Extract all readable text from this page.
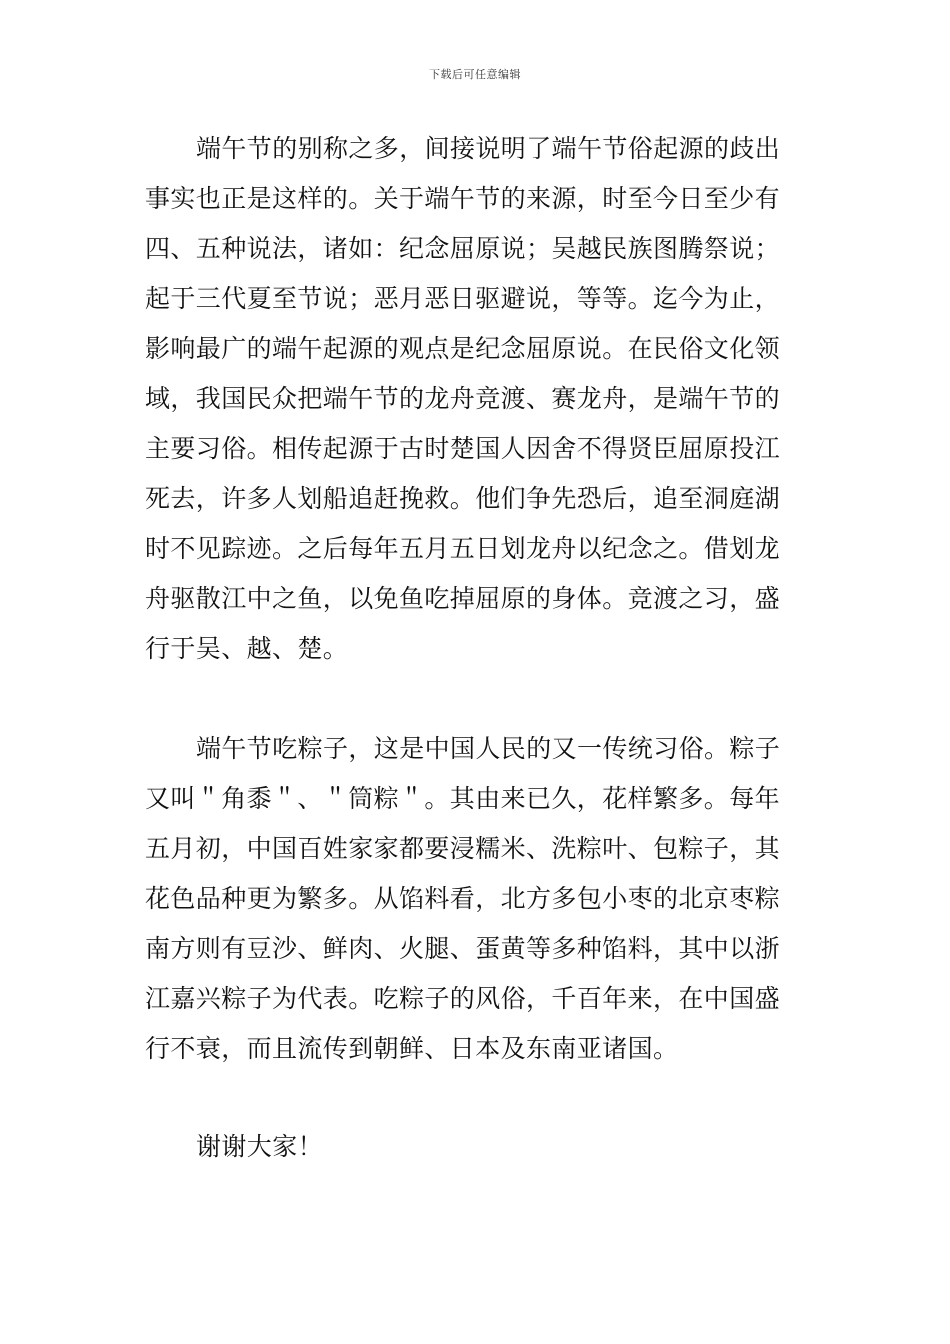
下载后可任意编辑
端午节的别称之多，间接说明了端午节俗起源的歧出
事实也正是这样的。关于端午节的来源，时至今日至少有
四、五种说法，诸如：纪念屈原说；吴越民族图腾祭说；
起于三代夏至节说；恶月恶日驱避说，等等。迄今为止，
影响最广的端午起源的观点是纪念屈原说。在民俗文化领
域，我国民众把端午节的龙舟竞渡、赛龙舟，是端午节的
主要习俗。相传起源于古时楚国人因舍不得贤臣屈原投江
死去，许多人划船追赶挽救。他们争先恐后，追至洞庭湖
时不见踪迹。之后每年五月五日划龙舟以纪念之。借划龙
舟驱散江中之鱼，以免鱼吃掉屈原的身体。竞渡之习，盛
行于吴、越、楚。
端午节吃粽子，这是中国人民的又一传统习俗。粽子
又叫＂角黍＂、＂筒粽＂。其由来已久，花样繁多。每年
五月初，中国百姓家家都要浸糯米、洗粽叶、包粽子，其
花色品种更为繁多。从馅料看，北方多包小枣的北京枣粽
南方则有豆沙、鲜肉、火腿、蛋黄等多种馅料，其中以浙
江嘉兴粽子为代表。吃粽子的风俗，千百年来，在中国盛
行不衰，而且流传到朝鲜、日本及东南亚诸国。
谢谢大家！
